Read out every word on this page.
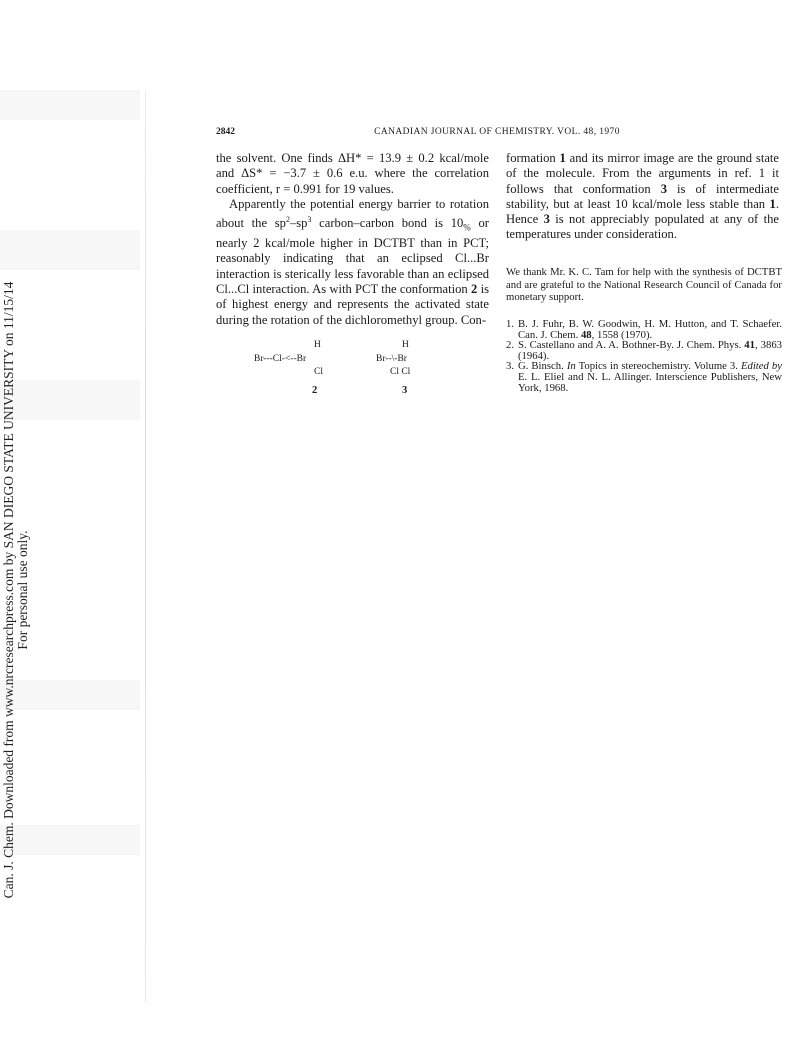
Can. J. Chem. Downloaded from www.nrcresearchpress.com by SAN DIEGO STATE UNIVERSITY on 11/15/14 For personal use only.
2842	CANADIAN JOURNAL OF CHEMISTRY. VOL. 48, 1970

the solvent. One finds ΔH* = 13.9 ± 0.2 kcal/mole and ΔS* = −3.7 ± 0.6 e.u. where the correlation coefficient, r = 0.991 for 19 values.

Apparently the potential energy barrier to rotation about the $sp^2-sp^3$ carbon–carbon bond is $10_{\%}$ or nearly 2 kcal/mole higher in DCTBT than in PCT; reasonably indicating that an eclipsed Cl...Br interaction is sterically less favorable than an eclipsed Cl...Cl interaction. As with PCT the conformation 2 is of highest energy and represents the activated state during the rotation of the dichloromethyl group. Con-

H
Br---Cl-<--Br
Cl
2
H
Br--\-Br
Cl Cl
3

formation 1 and its mirror image are the ground state of the molecule. From the arguments in ref. 1 it follows that conformation 3 is of intermediate stability, but at least 10 kcal/mole less stable than 1. Hence 3 is not appreciably populated at any of the temperatures under consideration.

We thank Mr. K. C. Tam for help with the synthesis of DCTBT and are grateful to the National Research Council of Canada for monetary support.
1. B. J. Fuhr, B. W. Goodwin, H. M. Hutton, and T. Schaefer. Can. J. Chem. 48, 1558 (1970).
2. S. Castellano and A. A. Bothner-By. J. Chem. Phys. 41, 3863 (1964).
3. G. Binsch. In Topics in stereochemistry. Volume 3. Edited by E. L. Eliel and N. L. Allinger. Interscience Publishers, New York, 1968.
